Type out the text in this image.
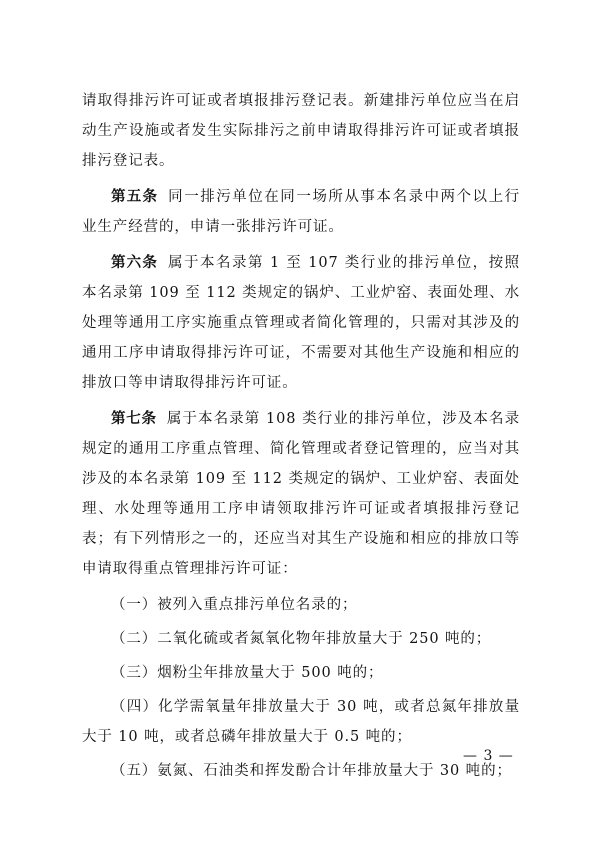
请取得排污许可证或者填报排污登记表。新建排污单位应当在启动生产设施或者发生实际排污之前申请取得排污许可证或者填报排污登记表。

第五条 同一排污单位在同一场所从事本名录中两个以上行业生产经营的，申请一张排污许可证。

第六条 属于本名录第 1 至 107 类行业的排污单位，按照本名录第 109 至 112 类规定的锅炉、工业炉窑、表面处理、水处理等通用工序实施重点管理或者简化管理的，只需对其涉及的通用工序申请取得排污许可证，不需要对其他生产设施和相应的排放口等申请取得排污许可证。

第七条 属于本名录第 108 类行业的排污单位，涉及本名录规定的通用工序重点管理、简化管理或者登记管理的，应当对其涉及的本名录第 109 至 112 类规定的锅炉、工业炉窑、表面处理、水处理等通用工序申请领取排污许可证或者填报排污登记表；有下列情形之一的，还应当对其生产设施和相应的排放口等申请取得重点管理排污许可证：

（一）被列入重点排污单位名录的；

（二）二氧化硫或者氮氧化物年排放量大于 250 吨的；

（三）烟粉尘年排放量大于 500 吨的；

（四）化学需氧量年排放量大于 30 吨，或者总氮年排放量大于 10 吨，或者总磷年排放量大于 0.5 吨的；

（五）氨氮、石油类和挥发酚合计年排放量大于 30 吨的；

— 3 —
